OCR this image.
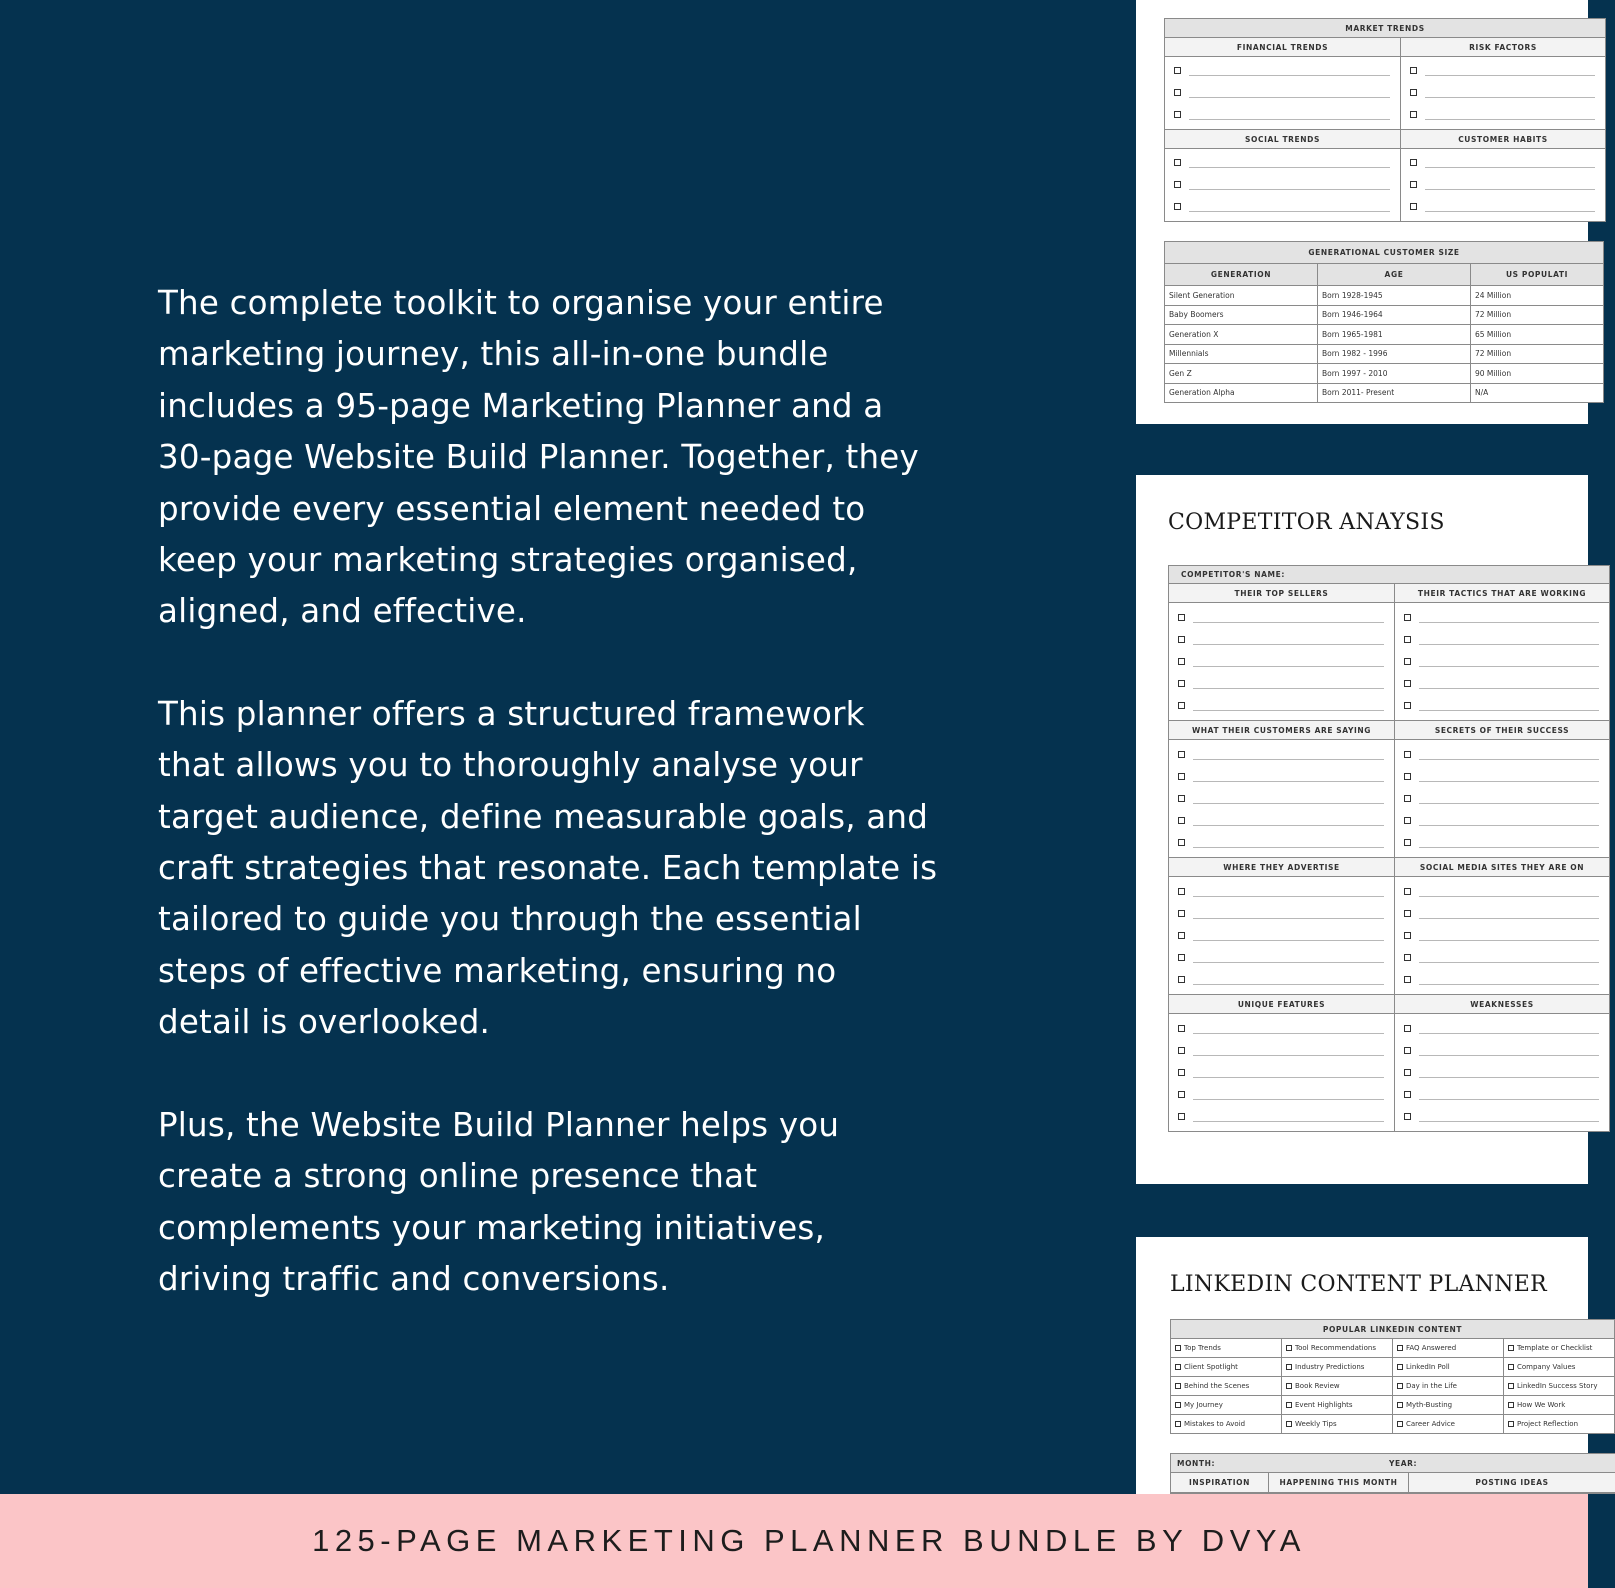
The complete toolkit to organise your entire marketing journey, this all-in-one bundle includes a 95-page Marketing Planner and a 30-page Website Build Planner. Together, they provide every essential element needed to keep your marketing strategies organised, aligned, and effective.

This planner offers a structured framework that allows you to thoroughly analyse your target audience, define measurable goals, and craft strategies that resonate. Each template is tailored to guide you through the essential steps of effective marketing, ensuring no detail is overlooked.

Plus, the Website Build Planner helps you create a strong online presence that complements your marketing initiatives, driving traffic and conversions.

MARKET TRENDS
FINANCIAL TRENDS	RISK FACTORS
SOCIAL TRENDS	CUSTOMER HABITS
GENERATIONAL CUSTOMER SIZE		
GENERATION	AGE	US POPULATI
Silent Generation	Born 1928-1945	24 Million
Baby Boomers	Born 1946-1964	72 Million
Generation X	Born 1965-1981	65 Million
Millennials	Born 1982 - 1996	72 Million
Gen Z	Born 1997 - 2010	90 Million
Generation Alpha	Born 2011- Present	N/A
COMPETITOR ANAYSIS
COMPETITOR'S NAME:
THEIR TOP SELLERS	THEIR TACTICS THAT ARE WORKING
WHAT THEIR CUSTOMERS ARE SAYING	SECRETS OF THEIR SUCCESS
WHERE THEY ADVERTISE	SOCIAL MEDIA SITES THEY ARE ON
UNIQUE FEATURES	WEAKNESSES
LINKEDIN CONTENT PLANNER
POPULAR LINKEDIN CONTENT
Top Trends	Tool Recommendations	FAQ Answered	Template or Checklist
Client Spotlight	Industry Predictions	LinkedIn Poll	Company Values
Behind the Scenes	Book Review	Day in the Life	LinkedIn Success Story
My Journey	Event Highlights	Myth-Busting	How We Work
Mistakes to Avoid	Weekly Tips	Career Advice	Project Reflection
MONTH:	YEAR:
INSPIRATION	HAPPENING THIS MONTH	POSTING IDEAS
125-PAGE MARKETING PLANNER BUNDLE BY DVYA
